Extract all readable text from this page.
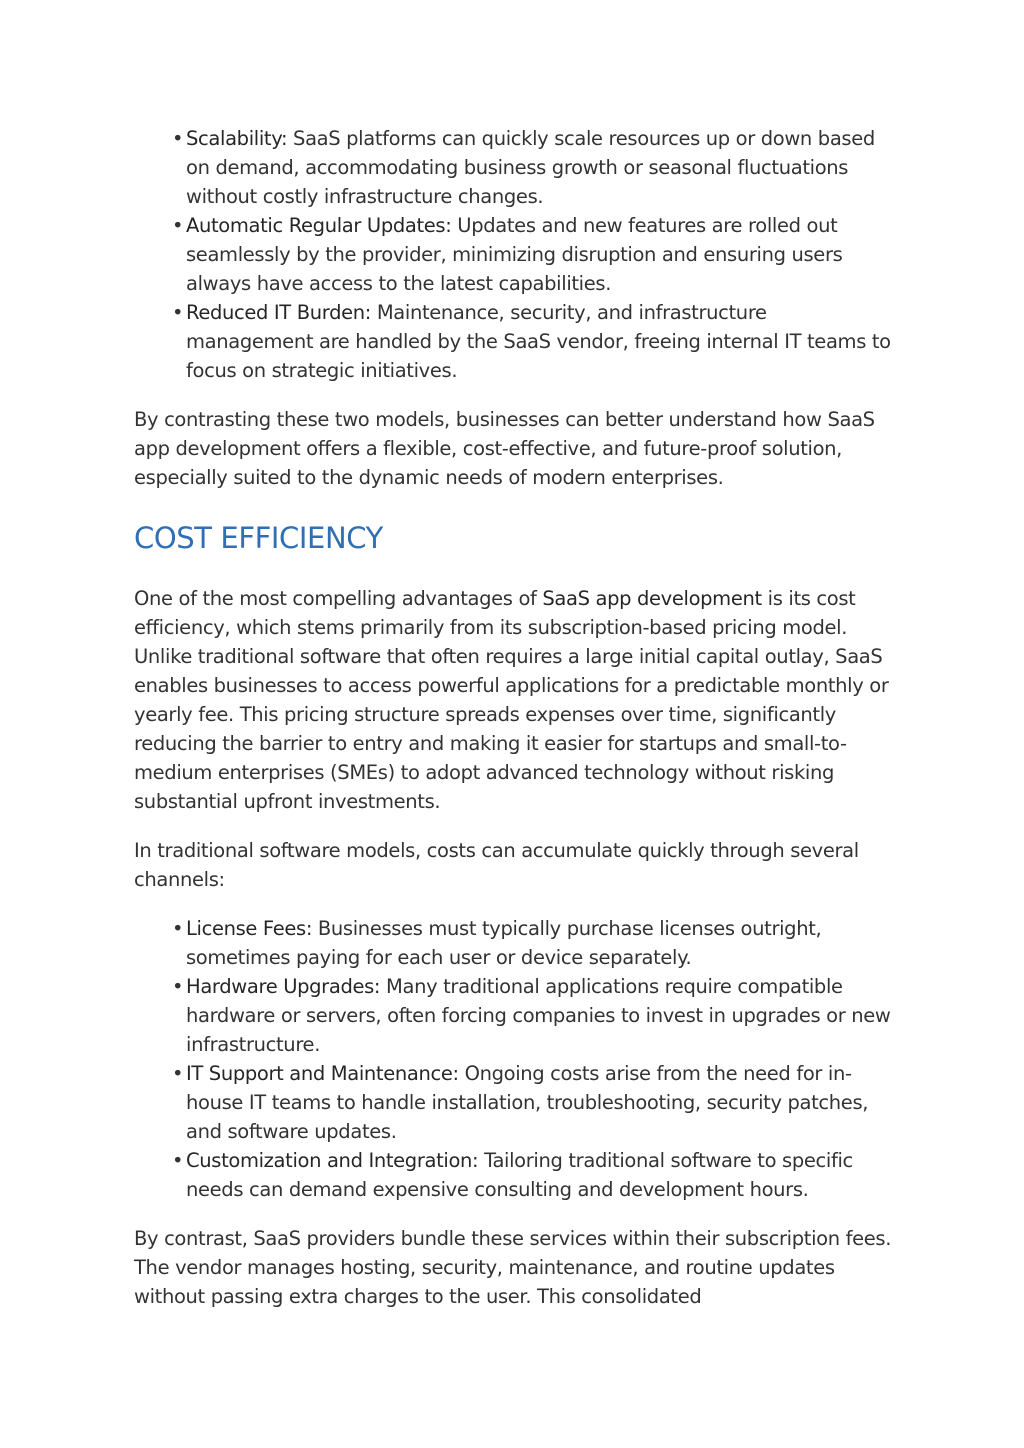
• Scalability: SaaS platforms can quickly scale resources up or down based on demand, accommodating business growth or seasonal fluctuations without costly infrastructure changes.
• Automatic Regular Updates: Updates and new features are rolled out seamlessly by the provider, minimizing disruption and ensuring users always have access to the latest capabilities.
• Reduced IT Burden: Maintenance, security, and infrastructure management are handled by the SaaS vendor, freeing internal IT teams to focus on strategic initiatives.

By contrasting these two models, businesses can better understand how SaaS app development offers a flexible, cost-effective, and future-proof solution, especially suited to the dynamic needs of modern enterprises.

COST EFFICIENCY

One of the most compelling advantages of SaaS app development is its cost efficiency, which stems primarily from its subscription-based pricing model. Unlike traditional software that often requires a large initial capital outlay, SaaS enables businesses to access powerful applications for a predictable monthly or yearly fee. This pricing structure spreads expenses over time, significantly reducing the barrier to entry and making it easier for startups and small-to-medium enterprises (SMEs) to adopt advanced technology without risking substantial upfront investments.

In traditional software models, costs can accumulate quickly through several channels:

• License Fees: Businesses must typically purchase licenses outright, sometimes paying for each user or device separately.
• Hardware Upgrades: Many traditional applications require compatible hardware or servers, often forcing companies to invest in upgrades or new infrastructure.
• IT Support and Maintenance: Ongoing costs arise from the need for in-house IT teams to handle installation, troubleshooting, security patches, and software updates.
• Customization and Integration: Tailoring traditional software to specific needs can demand expensive consulting and development hours.

By contrast, SaaS providers bundle these services within their subscription fees. The vendor manages hosting, security, maintenance, and routine updates without passing extra charges to the user. This consolidated
